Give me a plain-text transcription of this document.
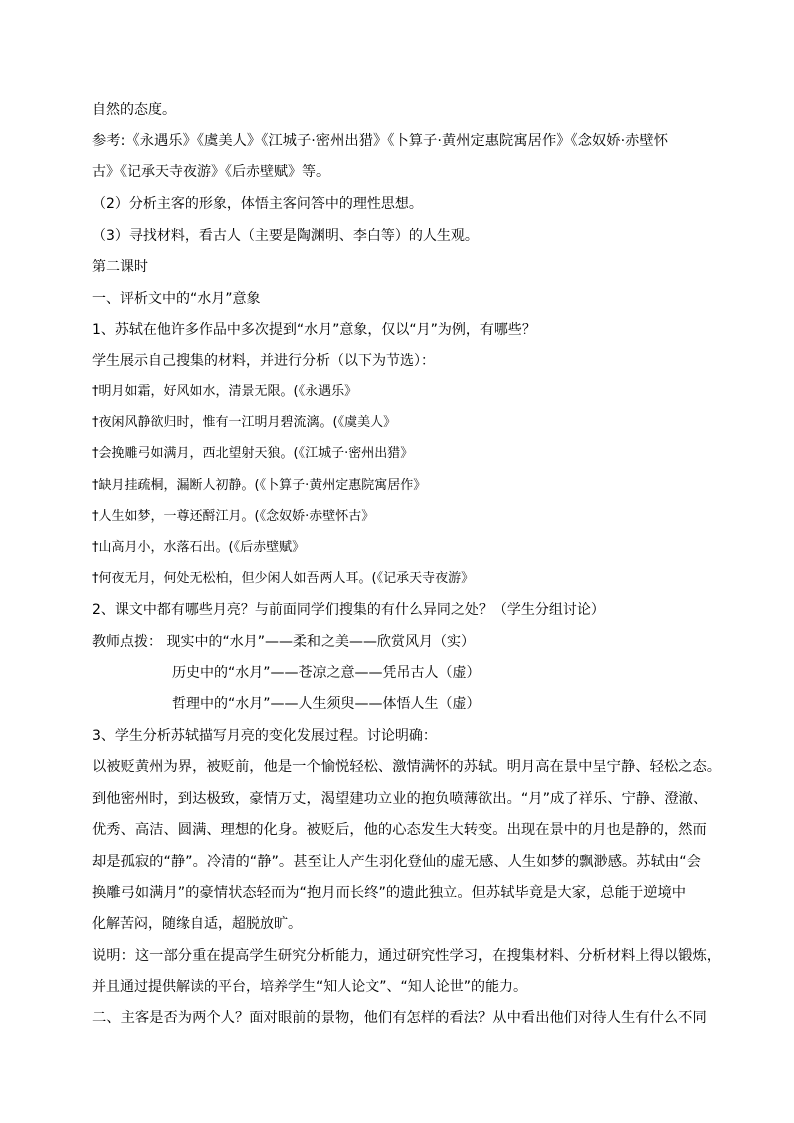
自然的态度。
参考:《永遇乐》《虞美人》《江城子·密州出猎》《卜算子·黄州定惠院寓居作》《念奴娇·赤壁怀
古》《记承天寺夜游》《后赤壁赋》等。
（2）分析主客的形象，体悟主客问答中的理性思想。
（3）寻找材料，看古人（主要是陶渊明、李白等）的人生观。
第二课时
一、评析文中的“水月”意象
1、苏轼在他许多作品中多次提到“水月”意象，仅以“月”为例，有哪些？
学生展示自己搜集的材料，并进行分析（以下为节选）：
†明月如霜，好风如水，清景无限。(《永遇乐》
†夜闲风静欲归时，惟有一江明月碧流漓。(《虞美人》
†会挽雕弓如满月，西北望射天狼。(《江城子·密州出猎》
†缺月挂疏桐，漏断人初静。(《卜算子·黄州定惠院寓居作》
†人生如梦，一尊还酹江月。(《念奴娇·赤壁怀古》
†山高月小，水落石出。(《后赤壁赋》
†何夜无月，何处无松柏，但少闲人如吾两人耳。(《记承天寺夜游》
2、课文中都有哪些月亮？与前面同学们搜集的有什么异同之处？（学生分组讨论）
教师点拨： 现实中的“水月”——柔和之美——欣赏风月（实）
历史中的“水月”——苍凉之意——凭吊古人（虚）
哲理中的“水月”——人生须臾——体悟人生（虚）
3、学生分析苏轼描写月亮的变化发展过程。讨论明确：
以被贬黄州为界，被贬前，他是一个愉悦轻松、激情满怀的苏轼。明月高在景中呈宁静、轻松之态。
到他密州时，到达极致，豪情万丈，渴望建功立业的抱负喷薄欲出。“月”成了祥乐、宁静、澄澈、
优秀、高洁、圆满、理想的化身。被贬后，他的心态发生大转变。出现在景中的月也是静的，然而
却是孤寂的“静”。冷清的“静”。甚至让人产生羽化登仙的虚无感、人生如梦的飘渺感。苏轼由“会
换雕弓如满月”的豪情状态轻而为“抱月而长终”的遗此独立。但苏轼毕竟是大家，总能于逆境中
化解苦闷，随缘自适，超脱放旷。
说明：这一部分重在提高学生研究分析能力，通过研究性学习，在搜集材料、分析材料上得以锻炼，
并且通过提供解读的平台，培养学生“知人论文”、“知人论世”的能力。
二、主客是否为两个人？面对眼前的景物，他们有怎样的看法？从中看出他们对待人生有什么不同
